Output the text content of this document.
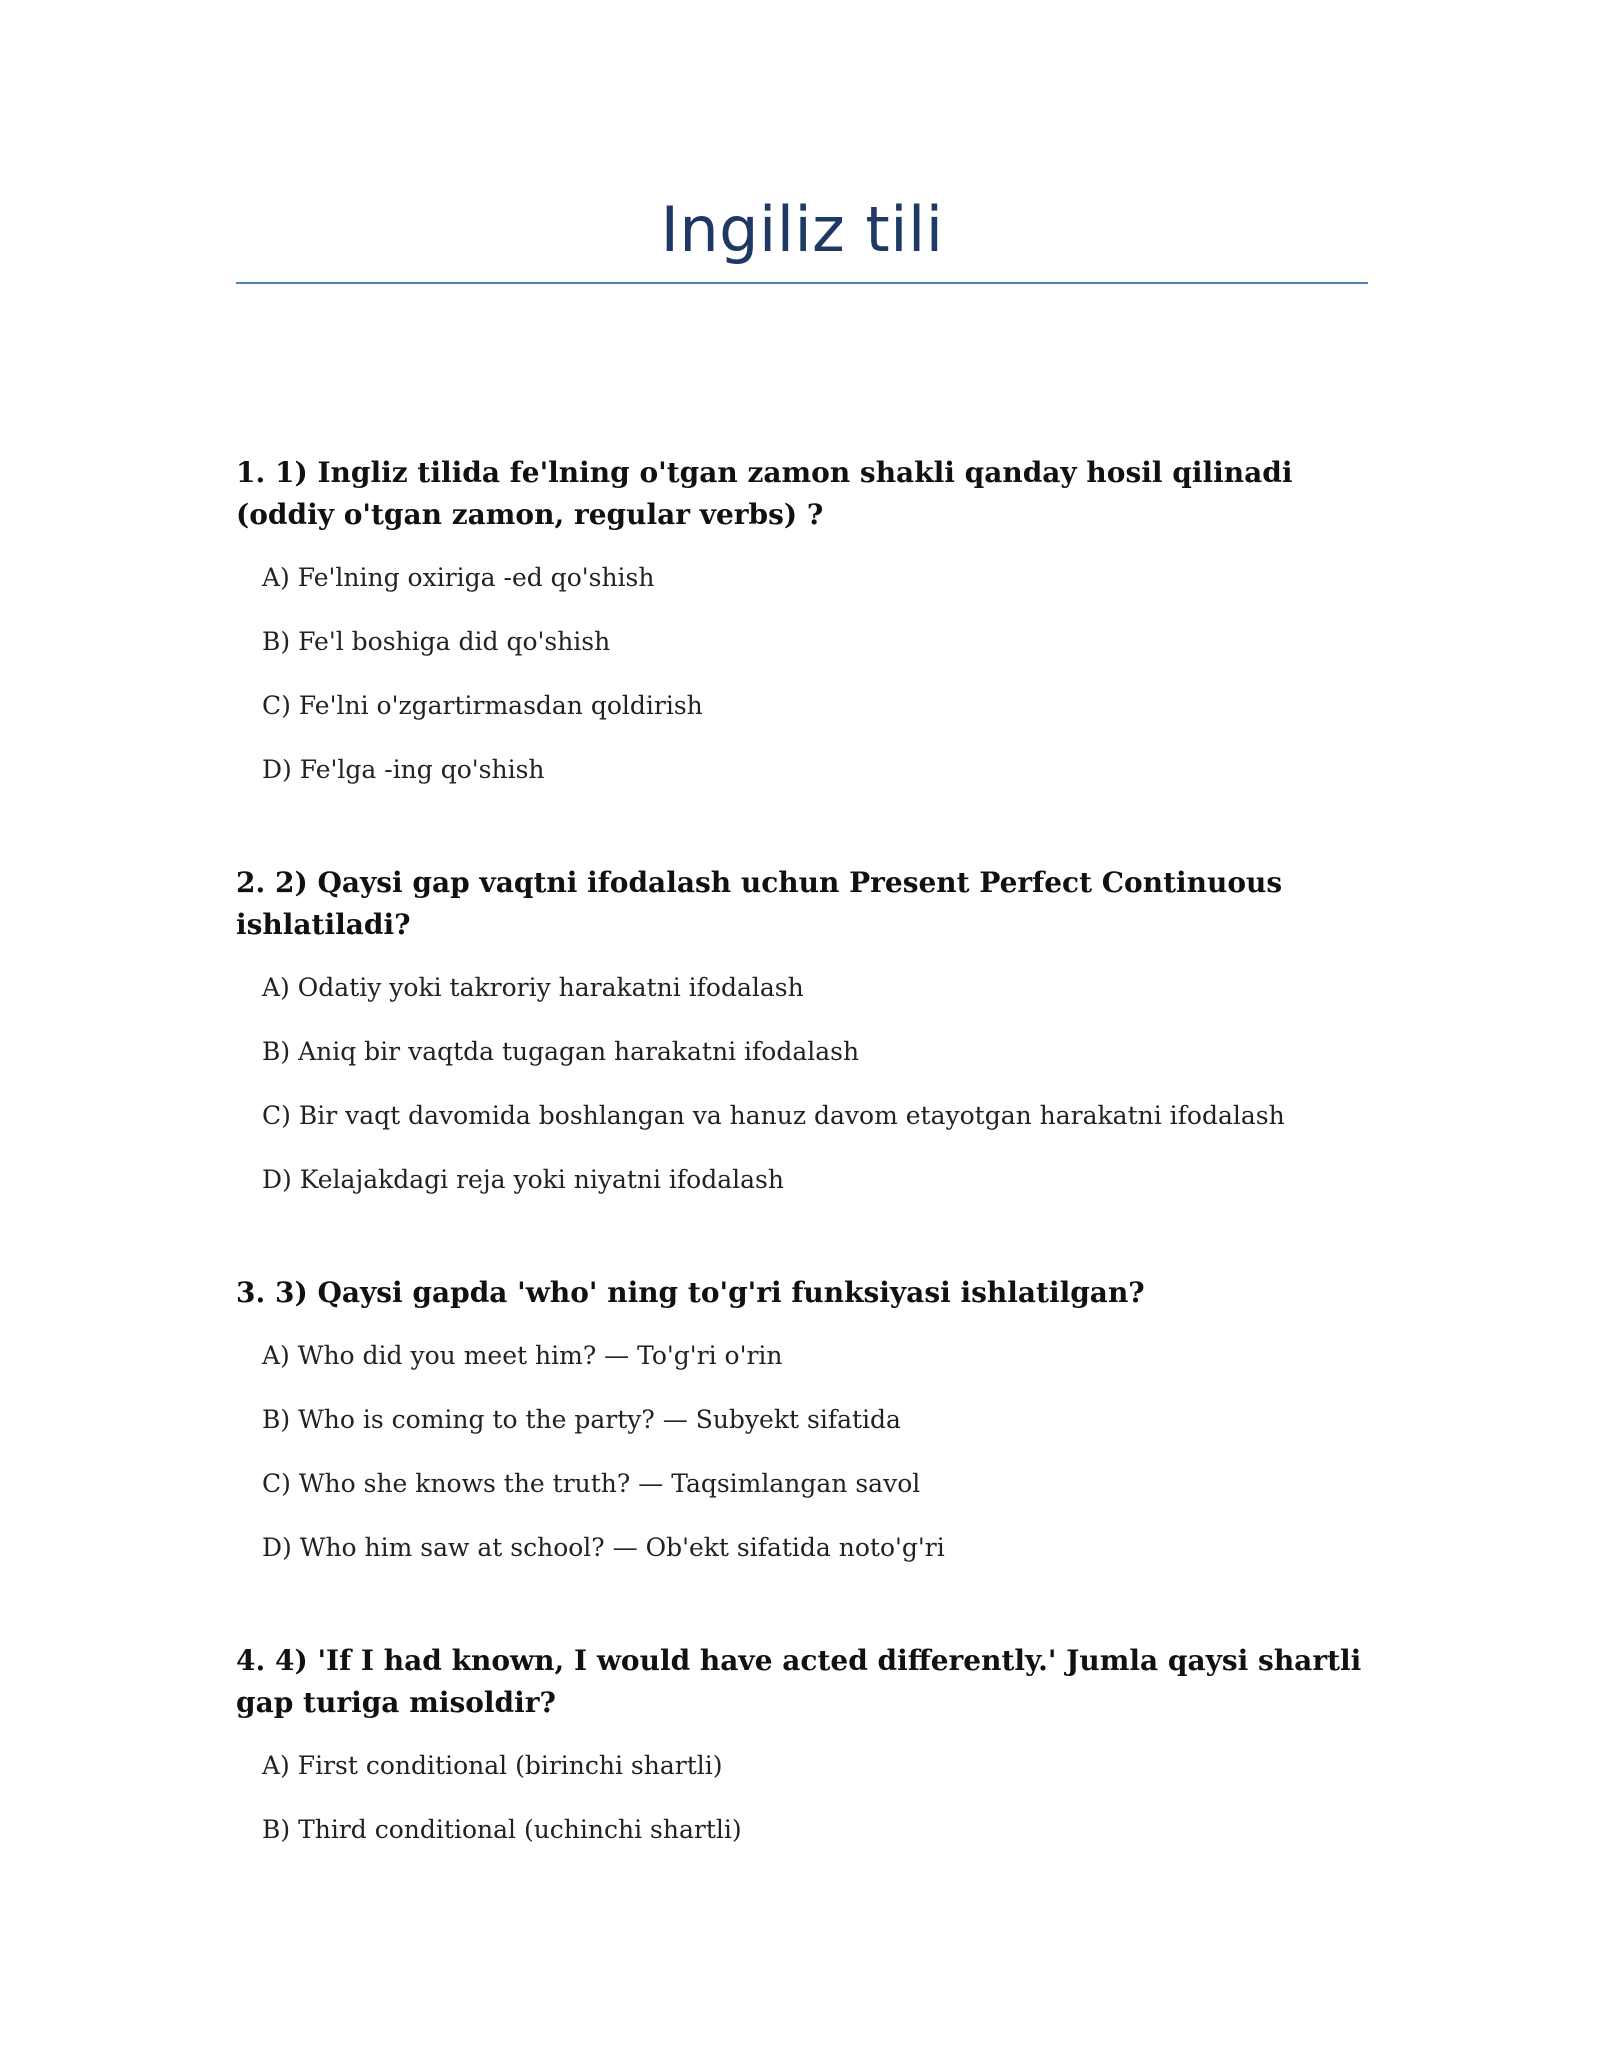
Ingiliz tili

1. 1) Ingliz tilida fe'lning o'tgan zamon shakli qanday hosil qilinadi (oddiy o'tgan zamon, regular verbs) ?

A) Fe'lning oxiriga -ed qo'shish
B) Fe'l boshiga did qo'shish
C) Fe'lni o'zgartirmasdan qoldirish
D) Fe'lga -ing qo'shish

2. 2) Qaysi gap vaqtni ifodalash uchun Present Perfect Continuous ishlatiladi?

A) Odatiy yoki takroriy harakatni ifodalash
B) Aniq bir vaqtda tugagan harakatni ifodalash
C) Bir vaqt davomida boshlangan va hanuz davom etayotgan harakatni ifodalash
D) Kelajakdagi reja yoki niyatni ifodalash

3. 3) Qaysi gapda 'who' ning to'g'ri funksiyasi ishlatilgan?

A) Who did you meet him? — To'g'ri o'rin
B) Who is coming to the party? — Subyekt sifatida
C) Who she knows the truth? — Taqsimlangan savol
D) Who him saw at school? — Ob'ekt sifatida noto'g'ri

4. 4) 'If I had known, I would have acted differently.' Jumla qaysi shartli gap turiga misoldir?

A) First conditional (birinchi shartli)
B) Third conditional (uchinchi shartli)
